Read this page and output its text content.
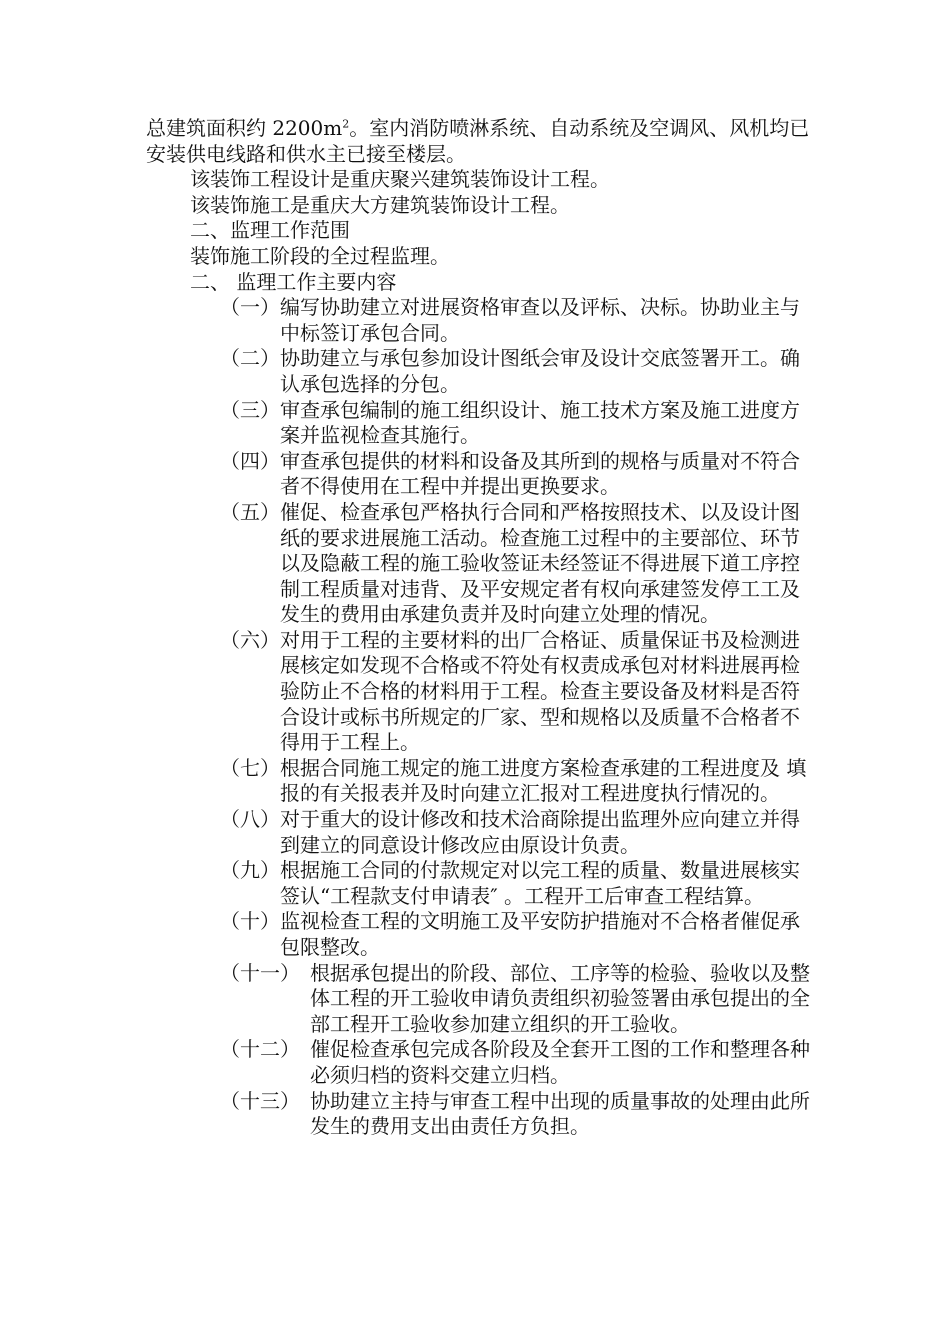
总建筑面积约 $2200m^2$。室内消防喷淋系统、自动系统及空调风、风机均已安装供电线路和供水主已接至楼层。

该装饰工程设计是重庆聚兴建筑装饰设计工程。

该装饰施工是重庆大方建筑装饰设计工程。

二、监理工作范围

装饰施工阶段的全过程监理。

二、 监理工作主要内容

（一） 编写协助建立对进展资格审查以及评标、决标。协助业主与中标签订承包合同。
（二） 协助建立与承包参加设计图纸会审及设计交底签署开工。确认承包选择的分包。
（三） 审查承包编制的施工组织设计、施工技术方案及施工进度方案并监视检查其施行。
（四） 审查承包提供的材料和设备及其所到的规格与质量对不符合者不得使用在工程中并提出更换要求。
（五） 催促、检查承包严格执行合同和严格按照技术、以及设计图纸的要求进展施工活动。检查施工过程中的主要部位、环节以及隐蔽工程的施工验收签证未经签证不得进展下道工序控制工程质量对违背、及平安规定者有权向承建签发停工工及发生的费用由承建负责并及时向建立处理的情况。
（六） 对用于工程的主要材料的出厂合格证、质量保证书及检测进展核定如发现不合格或不符处有权责成承包对材料进展再检验防止不合格的材料用于工程。检查主要设备及材料是否符合设计或标书所规定的厂家、型和规格以及质量不合格者不得用于工程上。
（七） 根据合同施工规定的施工进度方案检查承建的工程进度及 填报的有关报表并及时向建立汇报对工程进度执行情况的。
（八） 对于重大的设计修改和技术洽商除提出监理外应向建立并得到建立的同意设计修改应由原设计负责。
（九） 根据施工合同的付款规定对以完工程的质量、数量进展核实签认“工程款支付申请表″ 。工程开工后审查工程结算。
（十） 监视检查工程的文明施工及平安防护措施对不合格者催促承包限整改。
（十一） 根据承包提出的阶段、部位、工序等的检验、验收以及整体工程的开工验收申请负责组织初验签署由承包提出的全部工程开工验收参加建立组织的开工验收。
（十二） 催促检查承包完成各阶段及全套开工图的工作和整理各种必须归档的资料交建立归档。
（十三） 协助建立主持与审查工程中出现的质量事故的处理由此所发生的费用支出由责任方负担。
